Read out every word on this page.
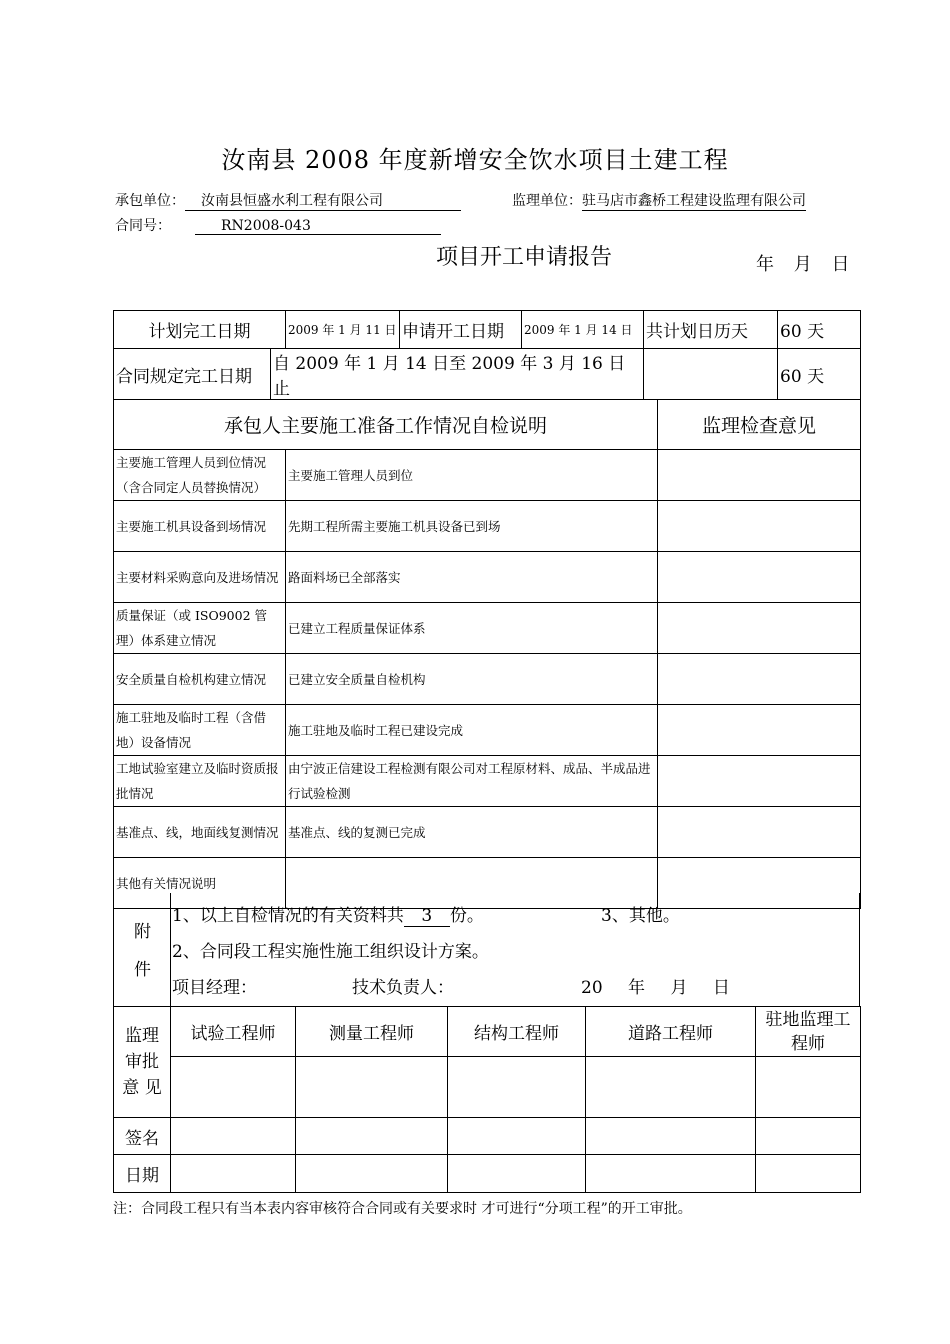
汝南县 2008 年度新增安全饮水项目土建工程
承包单位： 汝南县恒盛水利工程有限公司	监理单位：驻马店市鑫桥工程建设监理有限公司
合同号：	RN2008-043
项目开工申请报告	年 月 日
计划完工日期		2009 年 1 月 11 日	申请开工日期	2009 年 1 月 14 日	共计划日历天		60 天
合同规定完工日期	自 2009 年 1 月 14 日至 2009 年 3 月 16 日止						60 天
承包人主要施工准备工作情况自检说明						监理检查意见	
主要施工管理人员到位情况（含合同定人员替换情况）		主要施工管理人员到位					
主要施工机具设备到场情况		先期工程所需主要施工机具设备已到场					
主要材料采购意向及进场情况		路面料场已全部落实					
质量保证（或 ISO9002 管理）体系建立情况		已建立工程质量保证体系					
安全质量自检机构建立情况		已建立安全质量自检机构					
施工驻地及临时工程（含借地）设备情况		施工驻地及临时工程已建设完成					
工地试验室建立及临时资质报批情况		由宁波正信建设工程检测有限公司对工程原材料、成品、半成品进行试验检测					
基准点、线，地面线复测情况		基准点、线的复测已完成					
其他有关情况说明							
附
件
1、以上自检情况的有关资料共 3 份。	3、其他。
2、合同段工程实施性施工组织设计方案。
项目经理：	技术负责人：	20 年 月 日
监理审批意 见	试验工程师	测量工程师	结构工程师	道路工程师	驻地监理工程师

签名					
日期					
注：合同段工程只有当本表内容审核符合合同或有关要求时 才可进行“分项工程”的开工审批。
